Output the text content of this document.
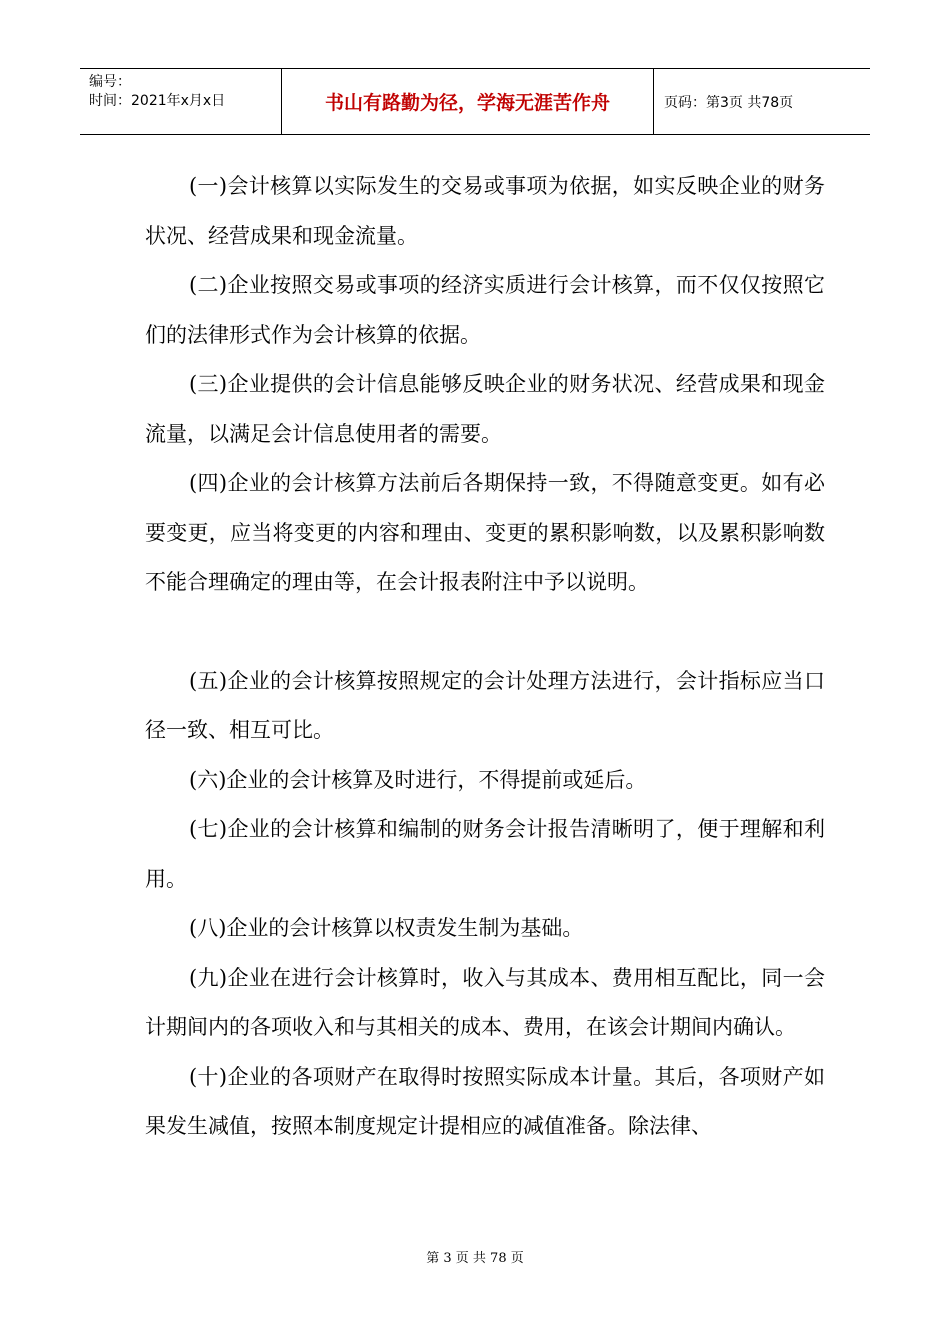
编号：
时间：2021年x月x日	书山有路勤为径，学海无涯苦作舟	页码：第3页 共78页

(一)会计核算以实际发生的交易或事项为依据，如实反映企业的财务状况、经营成果和现金流量。

(二)企业按照交易或事项的经济实质进行会计核算，而不仅仅按照它们的法律形式作为会计核算的依据。

(三)企业提供的会计信息能够反映企业的财务状况、经营成果和现金流量，以满足会计信息使用者的需要。

(四)企业的会计核算方法前后各期保持一致，不得随意变更。如有必要变更，应当将变更的内容和理由、变更的累积影响数，以及累积影响数不能合理确定的理由等，在会计报表附注中予以说明。

(五)企业的会计核算按照规定的会计处理方法进行，会计指标应当口径一致、相互可比。

(六)企业的会计核算及时进行，不得提前或延后。

(七)企业的会计核算和编制的财务会计报告清晰明了，便于理解和利用。

(八)企业的会计核算以权责发生制为基础。

(九)企业在进行会计核算时，收入与其成本、费用相互配比，同一会计期间内的各项收入和与其相关的成本、费用，在该会计期间内确认。

(十)企业的各项财产在取得时按照实际成本计量。其后，各项财产如果发生减值，按照本制度规定计提相应的减值准备。除法律、

第 3 页 共 78 页
